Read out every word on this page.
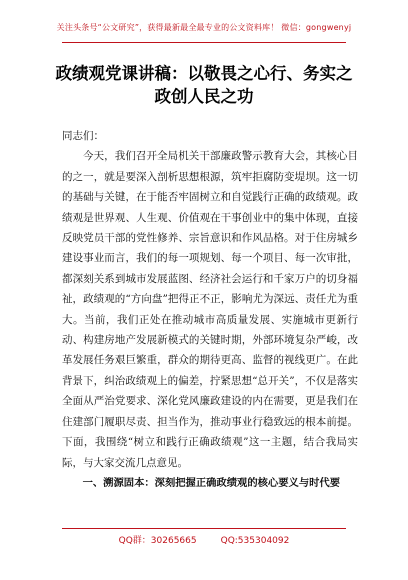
关注头条号“公文研究”，获得最新最全最专业的公文资料库！ 微信：gongwenyj
政绩观党课讲稿：以敬畏之心行、务实之
政创人民之功

同志们：

今天，我们召开全局机关干部廉政警示教育大会，其核心目的之一，就是要深入剖析思想根源，筑牢拒腐防变堤坝。这一切的基础与关键，在于能否牢固树立和自觉践行正确的政绩观。政绩观是世界观、人生观、价值观在干事创业中的集中体现，直接反映党员干部的党性修养、宗旨意识和作风品格。对于住房城乡建设事业而言，我们的每一项规划、每一个项目、每一次审批，都深刻关系到城市发展蓝图、经济社会运行和千家万户的切身福祉，政绩观的“方向盘”把得正不正，影响尤为深远、责任尤为重大。当前，我们正处在推动城市高质量发展、实施城市更新行动、构建房地产发展新模式的关键时期，外部环境复杂严峻，改革发展任务艰巨繁重，群众的期待更高、监督的视线更广。在此背景下，纠治政绩观上的偏差，拧紧思想“总开关”，不仅是落实全面从严治党要求、深化党风廉政建设的内在需要，更是我们在住建部门履职尽责、担当作为，推动事业行稳致远的根本前提。下面，我围绕“树立和践行正确政绩观”这一主题，结合我局实际，与大家交流几点意见。

一、溯源固本：深刻把握正确政绩观的核心要义与时代要

QQ群：30265665	QQ:535304092
